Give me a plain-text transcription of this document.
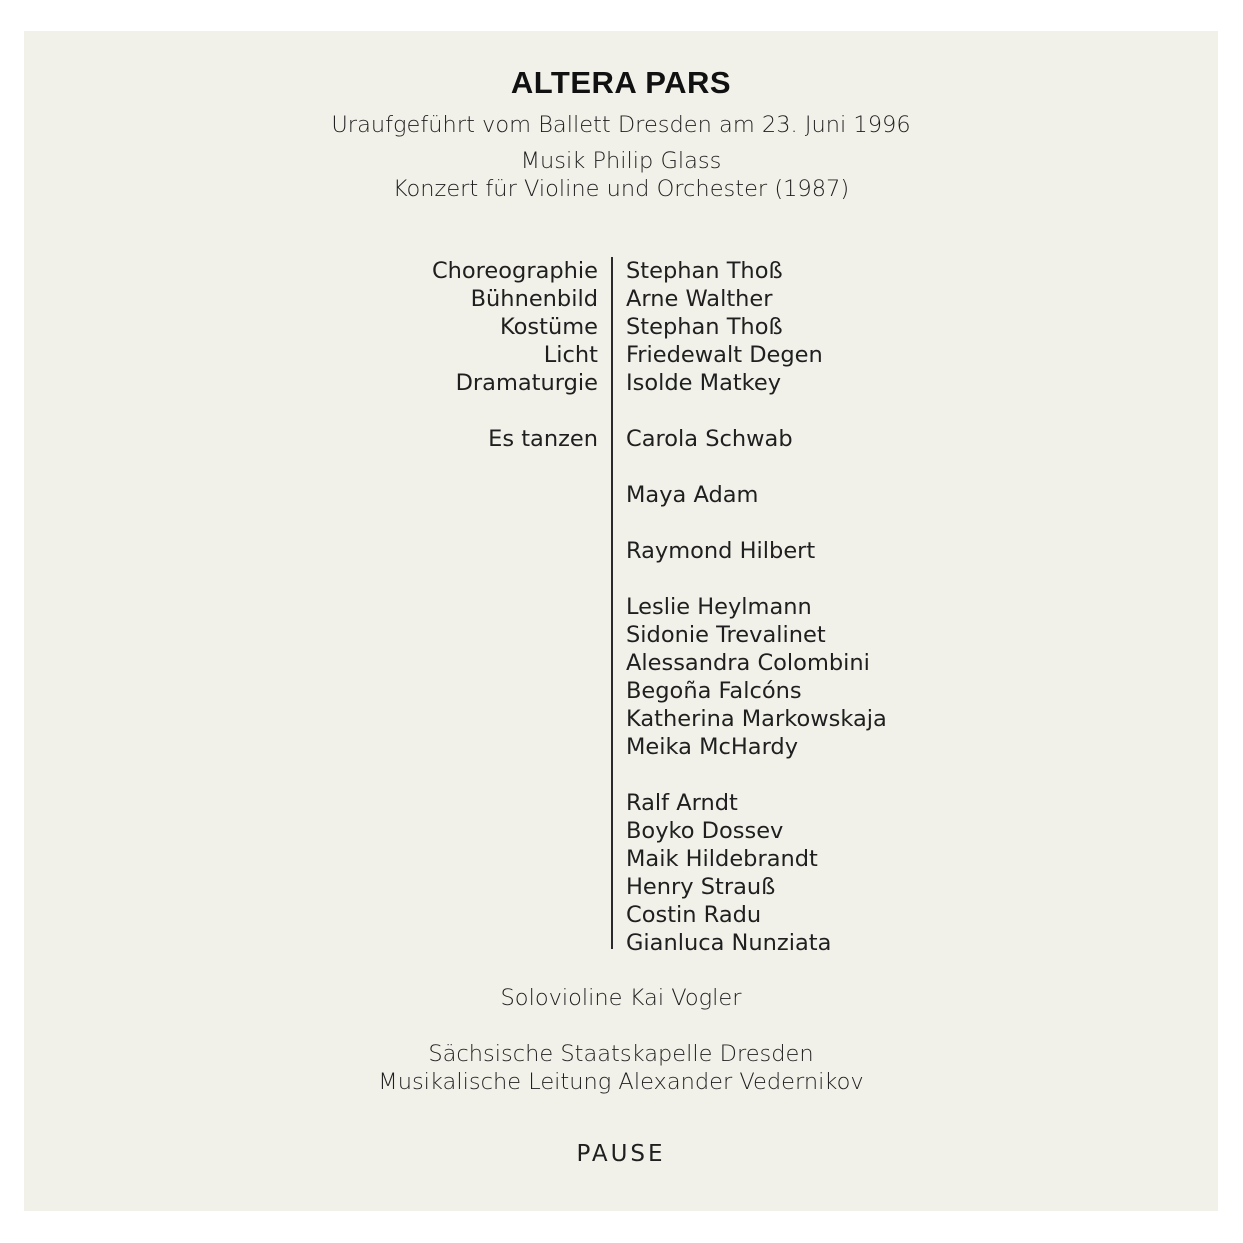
ALTERA PARS
Uraufgeführt vom Ballett Dresden am 23. Juni 1996
Musik Philip Glass
Konzert für Violine und Orchester (1987)
Choreographie
Bühnenbild
Kostüme
Licht
Dramaturgie
Es tanzen
Stephan Thoß
Arne Walther
Stephan Thoß
Friedewalt Degen
Isolde Matkey
Carola Schwab
Maya Adam
Raymond Hilbert
Leslie Heylmann
Sidonie Trevalinet
Alessandra Colombini
Begoña Falcóns
Katherina Markowskaja
Meika McHardy
Ralf Arndt
Boyko Dossev
Maik Hildebrandt
Henry Strauß
Costin Radu
Gianluca Nunziata
Solovioline Kai Vogler
Sächsische Staatskapelle Dresden
Musikalische Leitung Alexander Vedernikov
PAUSE
